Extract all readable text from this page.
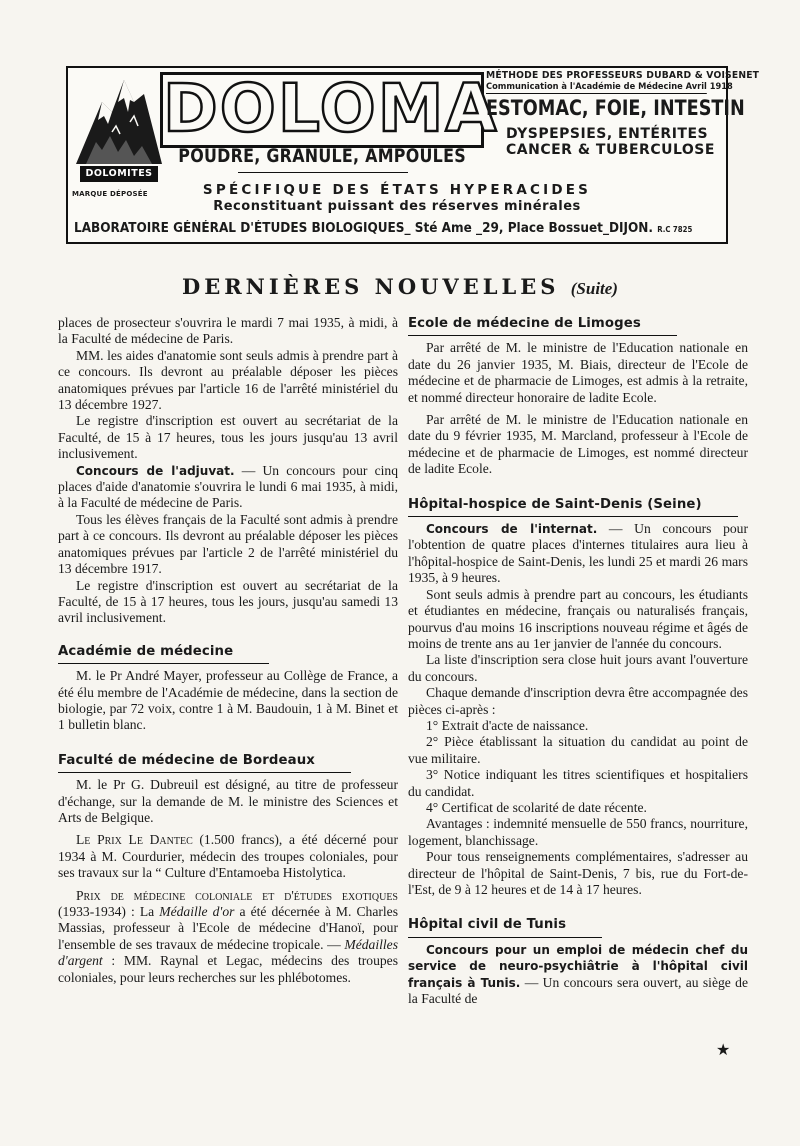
DOLOMITES
MARQUE DÉPOSÉE
DOLOMA
POUDRE, GRANULÉ, AMPOULES
MÉTHODE DES PROFESSEURS DUBARD & VOISENET
Communication à l'Académie de Médecine Avril 1918
ESTOMAC, FOIE, INTESTIN
DYSPEPSIES, ENTÉRITES
CANCER & TUBERCULOSE
SPÉCIFIQUE DES ÉTATS HYPERACIDES
Reconstituant puissant des réserves minérales
LABORATOIRE GÉNÉRAL D'ÉTUDES BIOLOGIQUES_ Sté Ame _29, Place Bossuet_DIJON. R.C 7825
DERNIÈRES NOUVELLES (Suite)

places de prosecteur s'ouvrira le mardi 7 mai 1935, à midi, à la Faculté de médecine de Paris.

MM. les aides d'anatomie sont seuls admis à prendre part à ce concours. Ils devront au préalable déposer les pièces anatomiques prévues par l'article 16 de l'arrêté ministériel du 13 décembre 1927.

Le registre d'inscription est ouvert au secrétariat de la Faculté, de 15 à 17 heures, tous les jours jusqu'au 13 avril inclusivement.

Concours de l'adjuvat. — Un concours pour cinq places d'aide d'anatomie s'ouvrira le lundi 6 mai 1935, à midi, à la Faculté de médecine de Paris.

Tous les élèves français de la Faculté sont admis à prendre part à ce concours. Ils devront au préalable déposer les pièces anatomiques prévues par l'article 2 de l'arrêté ministériel du 13 décembre 1917.

Le registre d'inscription est ouvert au secrétariat de la Faculté, de 15 à 17 heures, tous les jours, jusqu'au samedi 13 avril inclusivement.

Académie de médecine

M. le Pr André Mayer, professeur au Collège de France, a été élu membre de l'Académie de médecine, dans la section de biologie, par 72 voix, contre 1 à M. Baudouin, 1 à M. Binet et 1 bulletin blanc.

Faculté de médecine de Bordeaux

M. le Pr G. Dubreuil est désigné, au titre de professeur d'échange, sur la demande de M. le ministre des Sciences et Arts de Belgique.

Le Prix Le Dantec (1.500 francs), a été décerné pour 1934 à M. Courdurier, médecin des troupes coloniales, pour ses travaux sur la “ Culture d'Entamoeba Histolytica.

Prix de médecine coloniale et d'études exotiques (1933-1934) : La Médaille d'or a été décernée à M. Charles Massias, professeur à l'Ecole de médecine d'Hanoï, pour l'ensemble de ses travaux de médecine tropicale. — Médailles d'argent : MM. Raynal et Legac, médecins des troupes coloniales, pour leurs recherches sur les phlébotomes.

Ecole de médecine de Limoges

Par arrêté de M. le ministre de l'Education nationale en date du 26 janvier 1935, M. Biais, directeur de l'Ecole de médecine et de pharmacie de Limoges, est admis à la retraite, et nommé directeur honoraire de ladite Ecole.

Par arrêté de M. le ministre de l'Education nationale en date du 9 février 1935, M. Marcland, professeur à l'Ecole de médecine et de pharmacie de Limoges, est nommé directeur de ladite Ecole.

Hôpital-hospice de Saint-Denis (Seine)

Concours de l'internat. — Un concours pour l'obtention de quatre places d'internes titulaires aura lieu à l'hôpital-hospice de Saint-Denis, les lundi 25 et mardi 26 mars 1935, à 9 heures.

Sont seuls admis à prendre part au concours, les étudiants et étudiantes en médecine, français ou naturalisés français, pourvus d'au moins 16 inscriptions nouveau régime et âgés de moins de trente ans au 1er janvier de l'année du concours.

La liste d'inscription sera close huit jours avant l'ouverture du concours.

Chaque demande d'inscription devra être accompagnée des pièces ci-après :

1° Extrait d'acte de naissance.

2° Pièce établissant la situation du candidat au point de vue militaire.

3° Notice indiquant les titres scientifiques et hospitaliers du candidat.

4° Certificat de scolarité de date récente.

Avantages : indemnité mensuelle de 550 francs, nourriture, logement, blanchissage.

Pour tous renseignements complémentaires, s'adresser au directeur de l'hôpital de Saint-Denis, 7 bis, rue du Fort-de-l'Est, de 9 à 12 heures et de 14 à 17 heures.

Hôpital civil de Tunis

Concours pour un emploi de médecin chef du service de neuro-psychiâtrie à l'hôpital civil français à Tunis. — Un concours sera ouvert, au siège de la Faculté de

★
